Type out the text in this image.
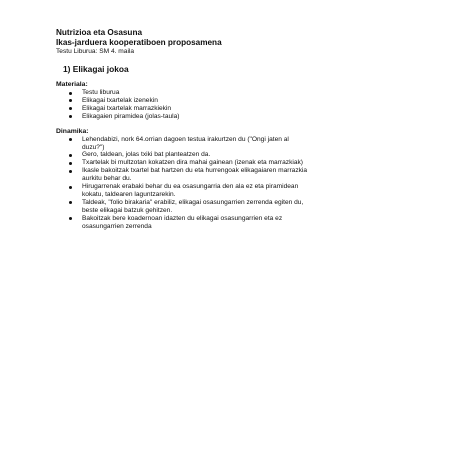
Nutrizioa eta Osasuna

Ikas-jarduera kooperatiboen proposamena

Testu Liburua: SM 4. maila

1) Elikagai jokoa

Materiala:

Testu liburua
Elikagai txartelak izenekin
Elikagai txartelak marrazkiekin
Elikagaien piramidea (jolas-taula)

Dinamika:

Lehendabizi, nork 64.orrian dagoen testua irakurtzen du ("Ongi jaten al
duzu?")
Gero, taldean, jolas txiki bat planteatzen da.
Txartelak bi multzotan kokatzen dira mahai gainean (izenak eta marrazkiak)
Ikasle bakoitzak txartel bat hartzen du eta hurrengoak elikagaiaren marrazkia
aurkitu behar du.
Hirugarrenak erabaki behar du ea osasungarria den ala ez eta piramidean
kokatu, taldearen laguntzarekin.
Taldeak, "folio birakaria" erabiliz, elikagai osasungarrien zerrenda egiten du,
beste elikagai batzuk gehitzen.
Bakoitzak bere koadernoan idazten du elikagai osasungarrien eta ez
osasungarrien zerrenda
